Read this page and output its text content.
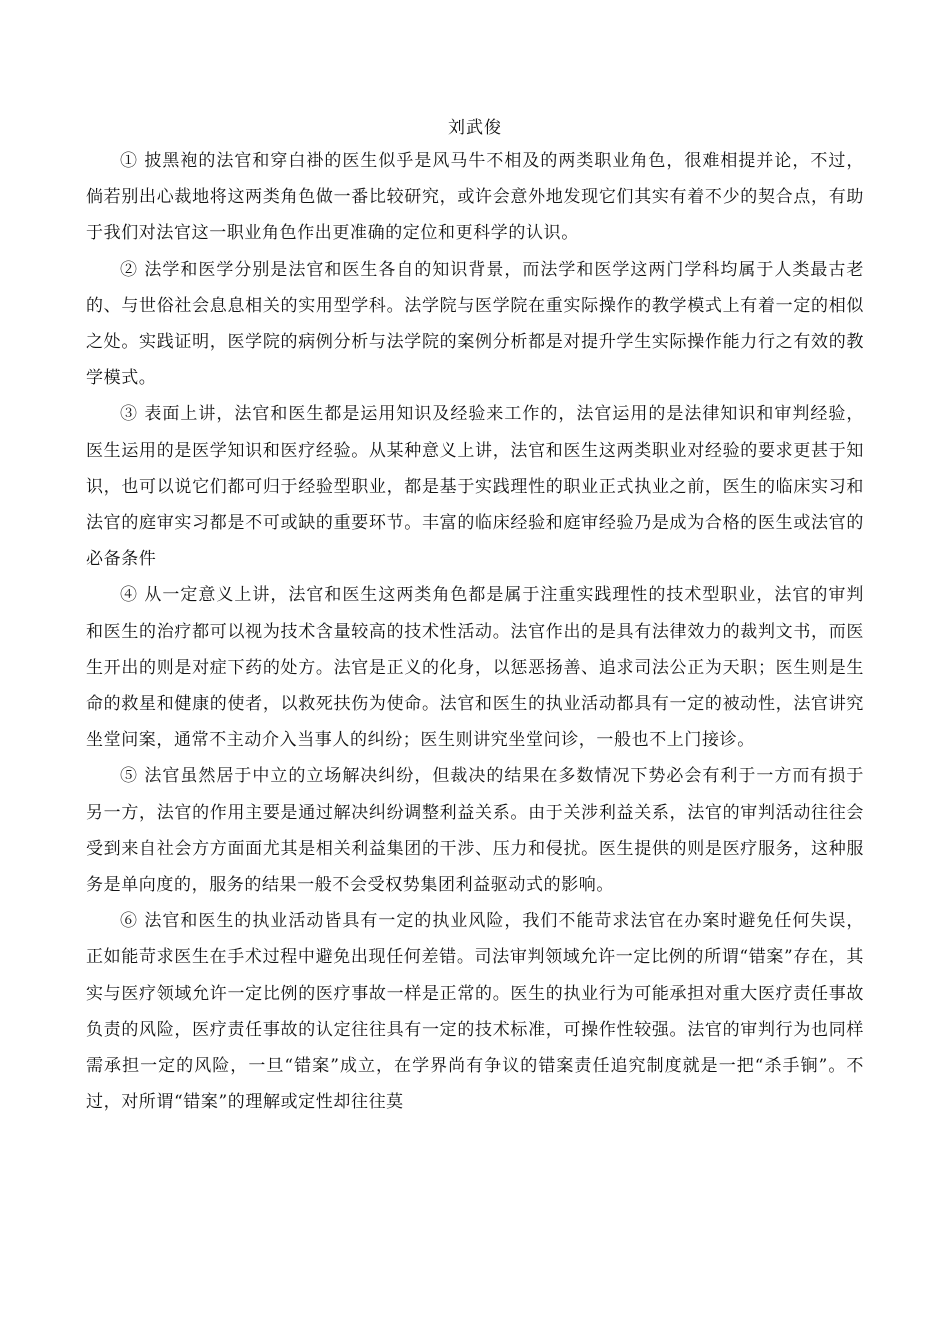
刘武俊

① 披黑袍的法官和穿白褂的医生似乎是风马牛不相及的两类职业角色，很难相提并论，不过，倘若别出心裁地将这两类角色做一番比较研究，或许会意外地发现它们其实有着不少的契合点，有助于我们对法官这一职业角色作出更准确的定位和更科学的认识。

② 法学和医学分别是法官和医生各自的知识背景，而法学和医学这两门学科均属于人类最古老的、与世俗社会息息相关的实用型学科。法学院与医学院在重实际操作的教学模式上有着一定的相似之处。实践证明，医学院的病例分析与法学院的案例分析都是对提升学生实际操作能力行之有效的教学模式。

③ 表面上讲，法官和医生都是运用知识及经验来工作的，法官运用的是法律知识和审判经验，医生运用的是医学知识和医疗经验。从某种意义上讲，法官和医生这两类职业对经验的要求更甚于知识，也可以说它们都可归于经验型职业，都是基于实践理性的职业正式执业之前，医生的临床实习和法官的庭审实习都是不可或缺的重要环节。丰富的临床经验和庭审经验乃是成为合格的医生或法官的必备条件

④ 从一定意义上讲，法官和医生这两类角色都是属于注重实践理性的技术型职业，法官的审判和医生的治疗都可以视为技术含量较高的技术性活动。法官作出的是具有法律效力的裁判文书，而医生开出的则是对症下药的处方。法官是正义的化身，以惩恶扬善、追求司法公正为天职；医生则是生命的救星和健康的使者，以救死扶伤为使命。法官和医生的执业活动都具有一定的被动性，法官讲究坐堂问案，通常不主动介入当事人的纠纷；医生则讲究坐堂问诊，一般也不上门接诊。

⑤ 法官虽然居于中立的立场解决纠纷，但裁决的结果在多数情况下势必会有利于一方而有损于另一方，法官的作用主要是通过解决纠纷调整利益关系。由于关涉利益关系，法官的审判活动往往会受到来自社会方方面面尤其是相关利益集团的干涉、压力和侵扰。医生提供的则是医疗服务，这种服务是单向度的，服务的结果一般不会受权势集团利益驱动式的影响。

⑥ 法官和医生的执业活动皆具有一定的执业风险，我们不能苛求法官在办案时避免任何失误，正如能苛求医生在手术过程中避免出现任何差错。司法审判领域允许一定比例的所谓“错案”存在，其实与医疗领域允许一定比例的医疗事故一样是正常的。医生的执业行为可能承担对重大医疗责任事故负责的风险，医疗责任事故的认定往往具有一定的技术标准，可操作性较强。法官的审判行为也同样需承担一定的风险，一旦“错案”成立，在学界尚有争议的错案责任追究制度就是一把“杀手锏”。不过，对所谓“错案”的理解或定性却往往莫
